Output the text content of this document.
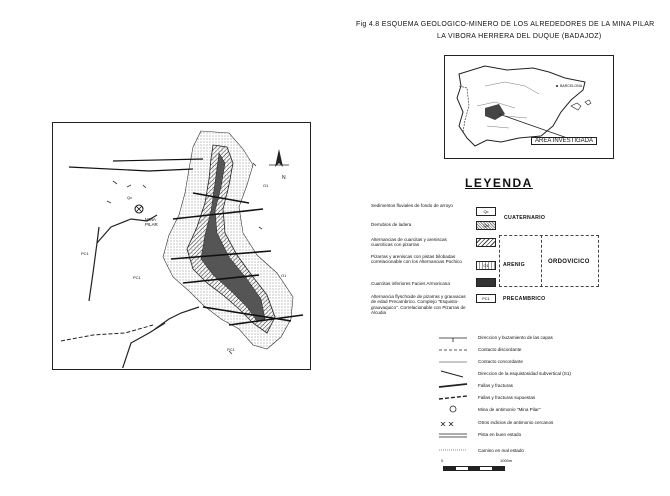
Fig 4.8 ESQUEMA GEOLOGICO-MINERO DE LOS ALREDEDORES DE LA MINA PILAR
LA VIBORA HERRERA DEL DUQUE (BADAJOZ)
BARCELONA
AREA INVESTIGADA
N
MINA PILAR
Qc
PC1
PC1
PC1
O1
O1	LEYENDA
Sedimentos fluviales de fondo de arroyo
Qc
Derrubios de ladera	Qd
Alternancias de cuarcitas y areniscas cuarciticas con pizarras
Pizarras y areniscas con pistas bilobadas correlacionable con los Alternancias Pochico
O1
Cuarcitas inferiores Facies Armoricana
Alternancia flyschoide de pizarras y grauvacas de edad Precambrico. Complejo "Esquisto-grauvaquico". Correlacionable con Pizarras de Alcudia
PC1
CUATERNARIO
ARENIG	ORDOVICICO
PRECAMBRICO
Direccion y buzamiento de las capas
Contacto discordante
Contacto concordante
Direccion de la esquistosidad subvertical (S1)
Fallas y fracturas
Fallas y fracturas supuestas
Mina de antimonio "Mina Pilar"
Otros indicios de antimonio cercanos
Pista en buen estado
Camino en mal estado
0	1000m
